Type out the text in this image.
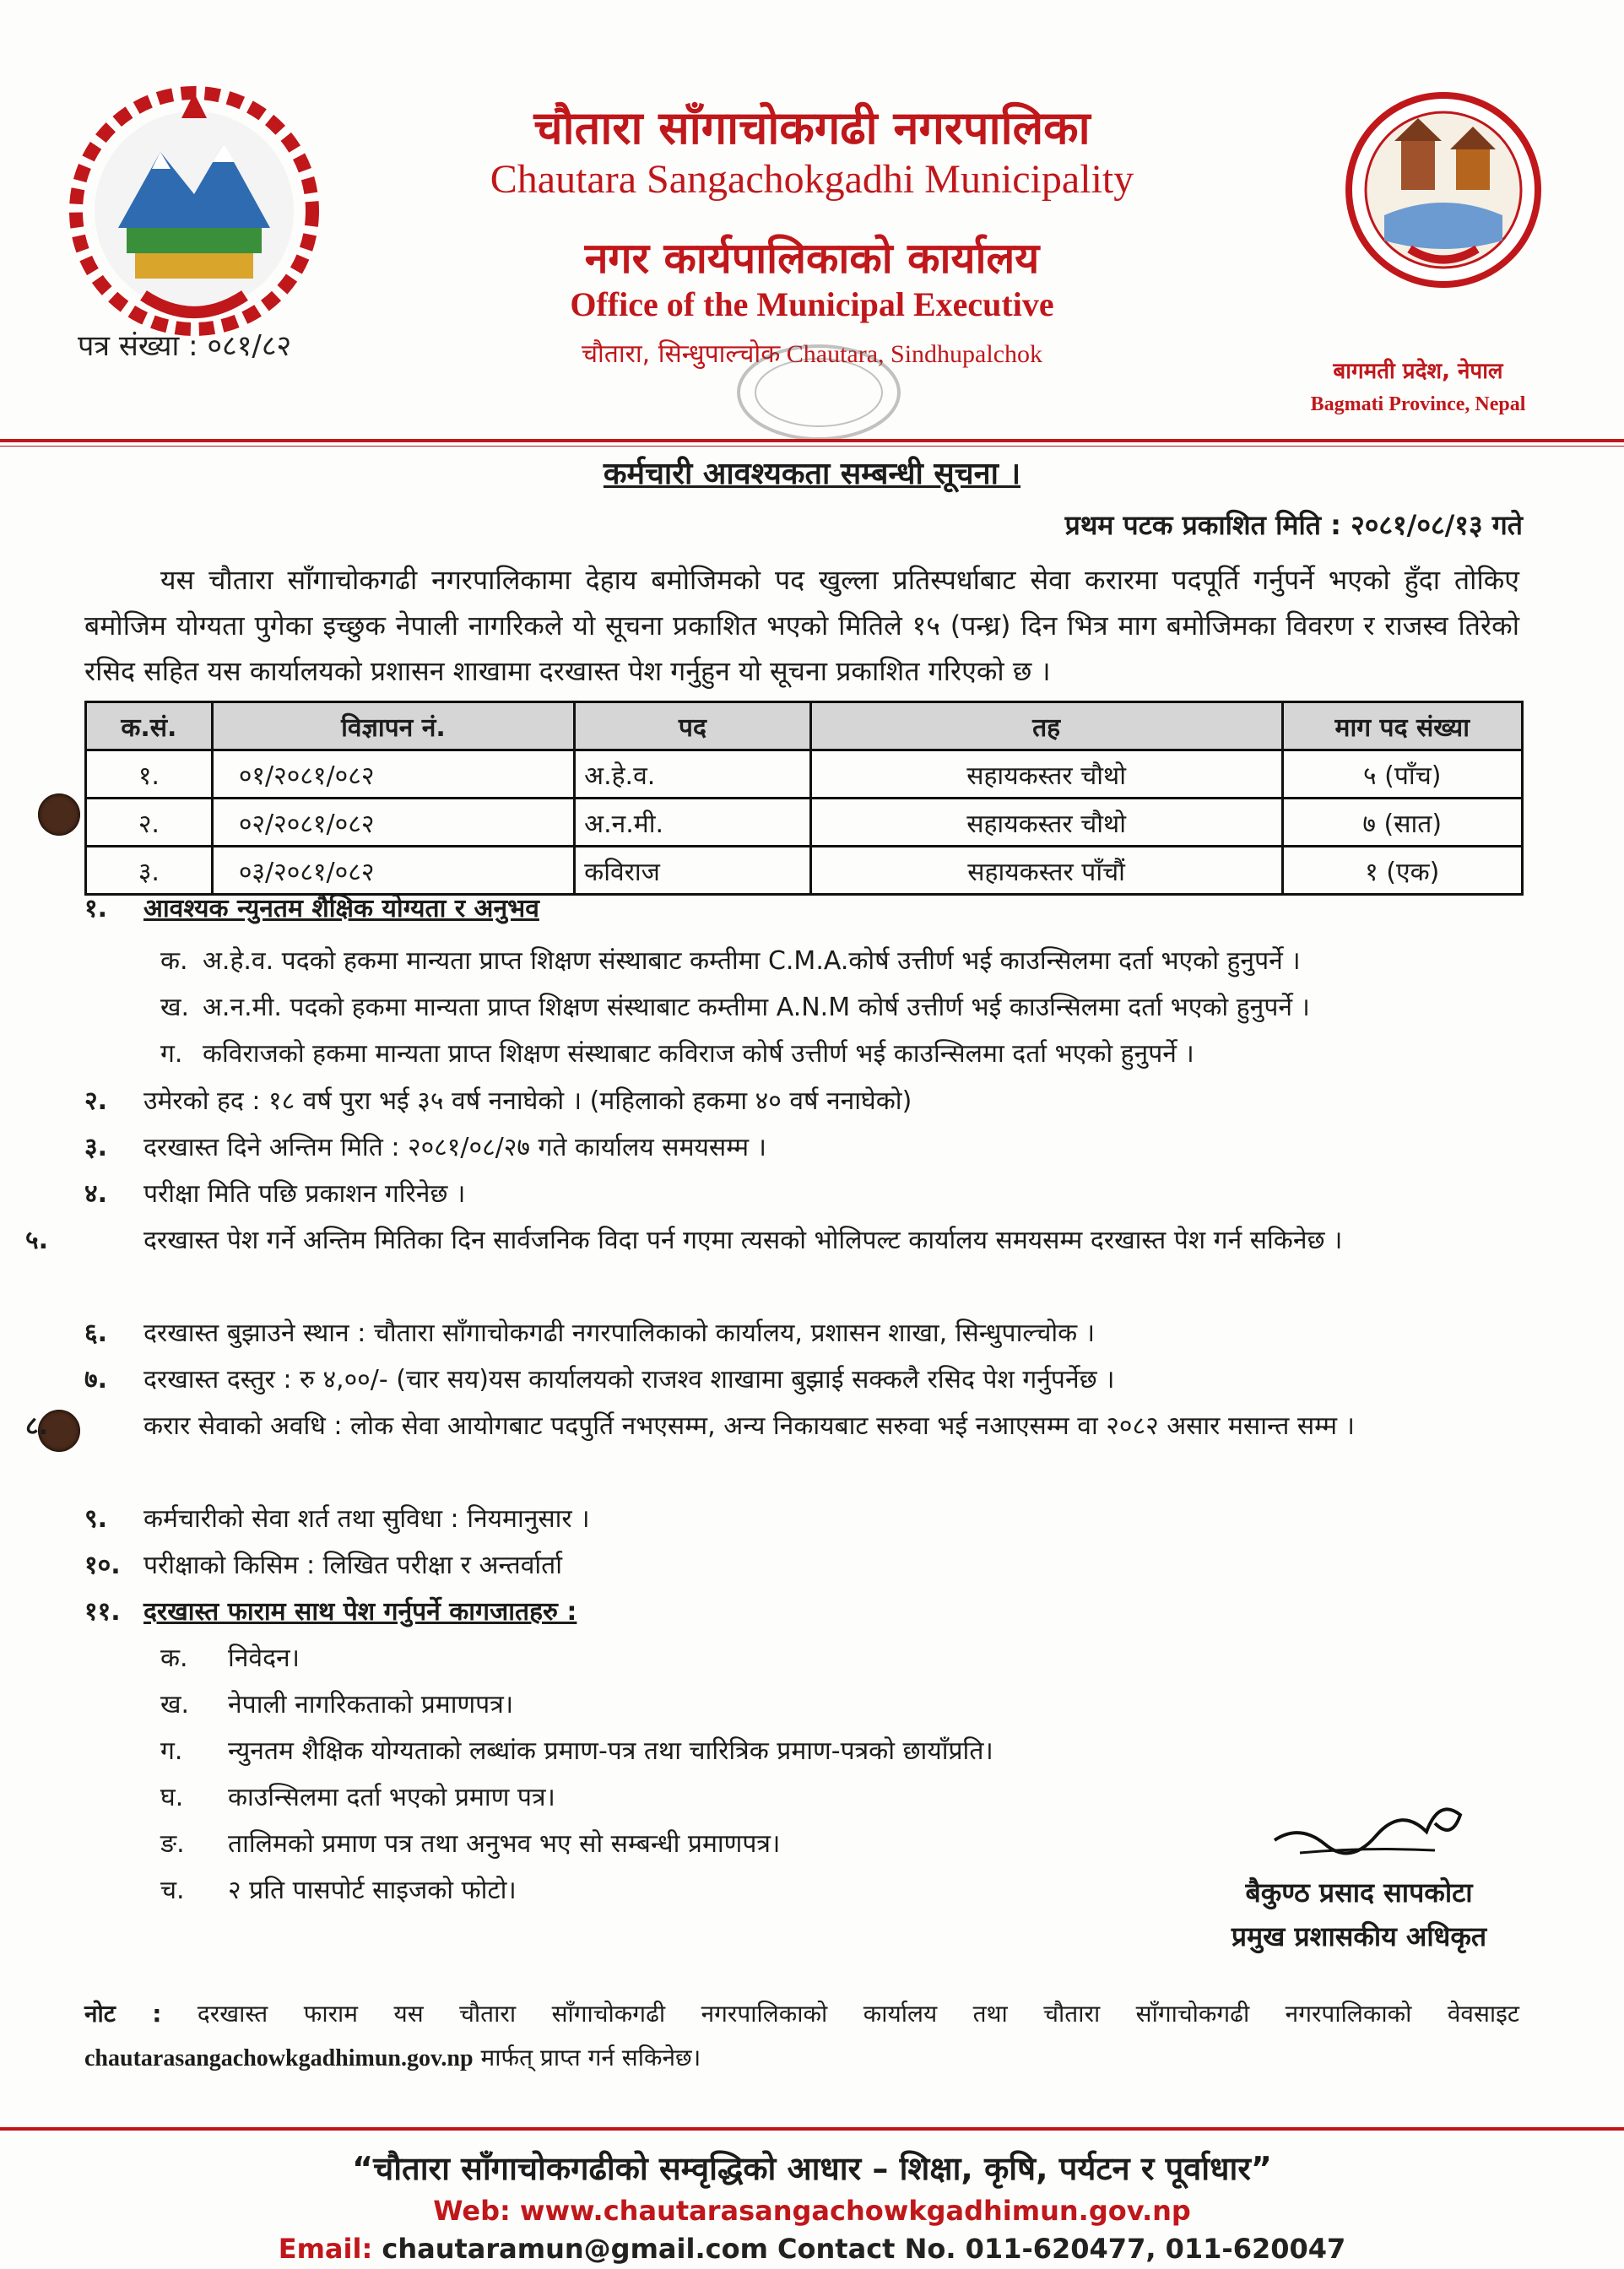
चौतारा साँगाचोकगढी नगरपालिका
Chautara Sangachokgadhi Municipality
नगर कार्यपालिकाको कार्यालय
Office of the Municipal Executive
चौतारा, सिन्धुपाल्चोक Chautara, Sindhupalchok
पत्र संख्या : ०८१/८२
बागमती प्रदेश, नेपाल
Bagmati Province, Nepal
कर्मचारी आवश्यकता सम्बन्धी सूचना ।
प्रथम पटक प्रकाशित मिति : २०८१/०८/१३ गते
यस चौतारा साँगाचोकगढी नगरपालिकामा देहाय बमोजिमको पद खुल्ला प्रतिस्पर्धाबाट सेवा करारमा पदपूर्ति गर्नुपर्ने भएको हुँदा तोकिए बमोजिम योग्यता पुगेका इच्छुक नेपाली नागरिकले यो सूचना प्रकाशित भएको मितिले १५ (पन्ध्र) दिन भित्र माग बमोजिमका विवरण र राजस्व तिरेको रसिद सहित यस कार्यालयको प्रशासन शाखामा दरखास्त पेश गर्नुहुन यो सूचना प्रकाशित गरिएको छ ।
क.सं.	विज्ञापन नं.	पद	तह	माग पद संख्या
१.	०१/२०८१/०८२	अ.हे.व.	सहायकस्तर चौथो	५ (पाँच)
२.	०२/२०८१/०८२	अ.न.मी.	सहायकस्तर चौथो	७ (सात)
३.	०३/२०८१/०८२	कविराज	सहायकस्तर पाँचौं	१ (एक)
१. आवश्यक न्युनतम शैक्षिक योग्यता र अनुभव
क. अ.हे.व. पदको हकमा मान्यता प्राप्त शिक्षण संस्थाबाट कम्तीमा C.M.A.कोर्ष उत्तीर्ण भई काउन्सिलमा दर्ता भएको हुनुपर्ने ।
ख. अ.न.मी. पदको हकमा मान्यता प्राप्त शिक्षण संस्थाबाट कम्तीमा A.N.M कोर्ष उत्तीर्ण भई काउन्सिलमा दर्ता भएको हुनुपर्ने ।
ग. कविराजको हकमा मान्यता प्राप्त शिक्षण संस्थाबाट कविराज कोर्ष उत्तीर्ण भई काउन्सिलमा दर्ता भएको हुनुपर्ने ।
२. उमेरको हद : १८ वर्ष पुरा भई ३५ वर्ष ननाघेको । (महिलाको हकमा ४० वर्ष ननाघेको)
३. दरखास्त दिने अन्तिम मिति : २०८१/०८/२७ गते कार्यालय समयसम्म ।
४. परीक्षा मिति पछि प्रकाशन गरिनेछ ।
५.	दरखास्त पेश गर्ने अन्तिम मितिका दिन सार्वजनिक विदा पर्न गएमा त्यसको भोलिपल्ट कार्यालय समयसम्म दरखास्त पेश गर्न सकिनेछ ।
६. दरखास्त बुझाउने स्थान : चौतारा साँगाचोकगढी नगरपालिकाको कार्यालय, प्रशासन शाखा, सिन्धुपाल्चोक ।
७. दरखास्त दस्तुर : रु ४,००/- (चार सय)यस कार्यालयको राजश्व शाखामा बुझाई सक्कलै रसिद पेश गर्नुपर्नेछ ।
८.	करार सेवाको अवधि : लोक सेवा आयोगबाट पदपुर्ति नभएसम्म, अन्य निकायबाट सरुवा भई नआएसम्म वा २०८२ असार मसान्त सम्म ।
९. कर्मचारीको सेवा शर्त तथा सुविधा : नियमानुसार ।
१०. परीक्षाको किसिम : लिखित परीक्षा र अन्तर्वार्ता
११. दरखास्त फाराम साथ पेश गर्नुपर्ने कागजातहरु :
क. निवेदन।
ख. नेपाली नागरिकताको प्रमाणपत्र।
ग. न्युनतम शैक्षिक योग्यताको लब्धांक प्रमाण-पत्र तथा चारित्रिक प्रमाण-पत्रको छायाँप्रति।
घ. काउन्सिलमा दर्ता भएको प्रमाण पत्र।
ङ. तालिमको प्रमाण पत्र तथा अनुभव भए सो सम्बन्धी प्रमाणपत्र।
च. २ प्रति पासपोर्ट साइजको फोटो।	बैकुण्ठ प्रसाद सापकोटा
प्रमुख प्रशासकीय अधिकृत
नोट : दरखास्त फाराम यस चौतारा साँगाचोकगढी नगरपालिकाको कार्यालय तथा चौतारा साँगाचोकगढी नगरपालिकाको वेवसाइट chautarasangachowkgadhimun.gov.np मार्फत् प्राप्त गर्न सकिनेछ।
“चौतारा साँगाचोकगढीको सम्वृद्धिको आधार – शिक्षा, कृषि, पर्यटन र पूर्वाधार”
Web: www.chautarasangachowkgadhimun.gov.np
Email: chautaramun@gmail.com Contact No. 011-620477, 011-620047
